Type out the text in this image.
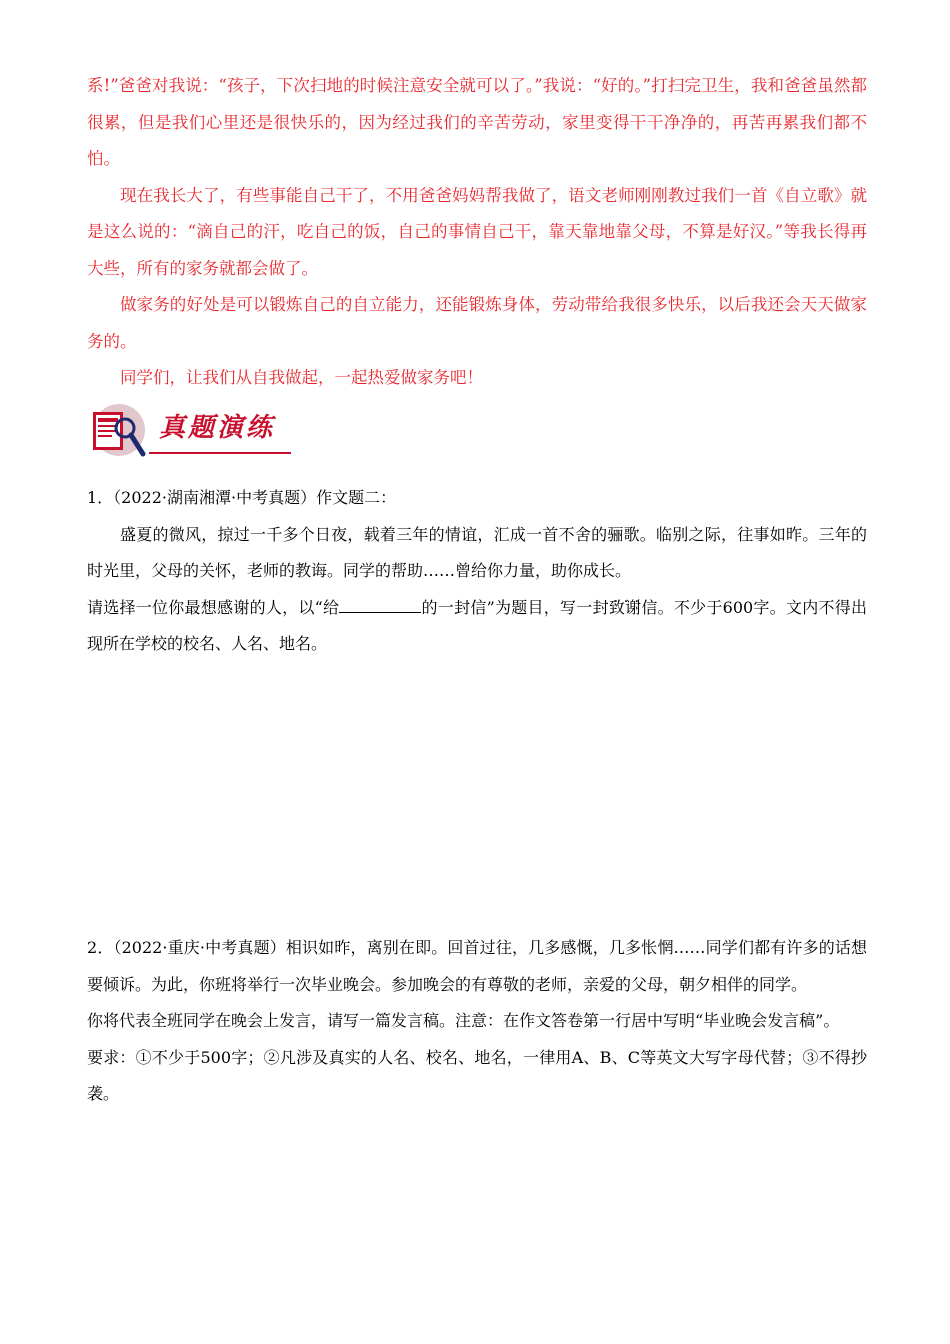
系!”爸爸对我说：“孩子，下次扫地的时候注意安全就可以了。”我说：“好的。”打扫完卫生，我和爸爸虽然都很累，但是我们心里还是很快乐的，因为经过我们的辛苦劳动，家里变得干干净净的，再苦再累我们都不怕。

现在我长大了，有些事能自己干了，不用爸爸妈妈帮我做了，语文老师刚刚教过我们一首《自立歌》就是这么说的：“滴自己的汗，吃自己的饭，自己的事情自己干，靠天靠地靠父母，不算是好汉。”等我长得再大些，所有的家务就都会做了。

做家务的好处是可以锻炼自己的自立能力，还能锻炼身体，劳动带给我很多快乐，以后我还会天天做家务的。

同学们，让我们从自我做起，一起热爱做家务吧！

真题演练

1．（2022·湖南湘潭·中考真题）作文题二：

盛夏的微风，掠过一千多个日夜，载着三年的情谊，汇成一首不舍的骊歌。临别之际，往事如昨。三年的时光里，父母的关怀，老师的教诲。同学的帮助……曾给你力量，助你成长。

请选择一位你最想感谢的人，以“给	的一封信”为题目，写一封· · · 致谢信。不少于600字。文内不得出现所在学校的校名、人名、地名。

2．（2022·重庆·中考真题）相识如昨，离别在即。回首过往，几多感慨，几多怅惘……同学们都有许多的话想要倾诉。为此，你班将举行一次毕业晚会。参加晚会的有尊敬的老师，亲爱的父母，朝夕相伴的同学。

你将代表全班同学在晚会上发言，请写一篇发言稿。注意：在作文答卷第一行居中写明“毕业晚会发言稿”。

要求：①不少于500字；②凡涉及真实的人名、校名、地名，一律用A、B、C等英文大写字母代替；③不得抄袭。
